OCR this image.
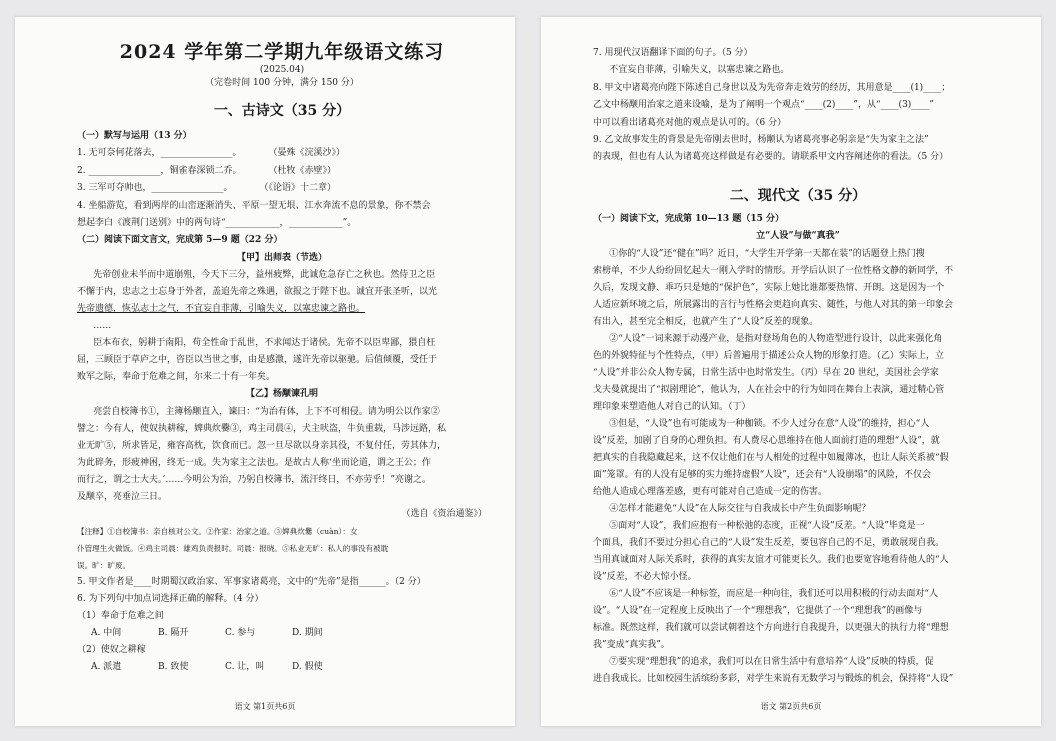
2024 学年第二学期九年级语文练习
(2025.04)
（完卷时间 100 分钟，满分 150 分）
一、古诗文（35 分）
（一）默写与运用（13 分）
1. 无可奈何花落去，________________。　　　　（晏殊《浣溪沙》）
2. ________________，铜雀春深锁二乔。　　　　（杜牧《赤壁》）
3. 三军可夺帅也，________________。　　　　（《论语》十二章）
4. 坐船游览，看到两岸的山峦逐渐消失、平原一望无垠、江水奔流不息的景象，你不禁会
想起李白《渡荆门送别》中的两句诗“____________，____________”。
（二）阅读下面文言文，完成第 5—9 题（22 分）
【甲】出师表（节选）
先帝创业未半而中道崩殂，今天下三分，益州疲弊，此诚危急存亡之秋也。然侍卫之臣
不懈于内，忠志之士忘身于外者，盖追先帝之殊遇，欲报之于陛下也。诚宜开张圣听，以光
先帝遗德，恢弘志士之气，不宜妄自菲薄，引喻失义，以塞忠谏之路也。
……
臣本布衣，躬耕于南阳，苟全性命于乱世，不求闻达于诸侯。先帝不以臣卑鄙，猥自枉
屈，三顾臣于草庐之中，咨臣以当世之事，由是感激，遂许先帝以驱驰。后值倾覆，受任于
败军之际，奉命于危难之间，尔来二十有一年矣。
【乙】杨颙谏孔明
亮尝自校簿书①，主簿杨颙直入，谏曰：“为治有体，上下不可相侵。请为明公以作家②
譬之：今有人，使奴执耕稼，婢典炊爨③，鸡主司晨④，犬主吠盗，牛负重载，马涉远路，私
业无旷⑤，所求皆足，雍容高枕，饮食而已。忽一旦尽欲以身亲其役，不复付任，劳其体力，
为此碎务，形疲神困，终无一成。失为家主之法也。是故古人称‘坐而论道，谓之王公；作
而行之，谓之士大夫。’……今明公为治，乃躬自校簿书，流汗终日，不亦劳乎！”亮谢之。
及颙卒，亮垂泣三日。
（选自《资治通鉴》）
【注释】①自校簿书：亲自核对公文。②作家：治家之道。③婢典炊爨（cuàn）：女
仆管理生火做饭。④鸡主司晨：雄鸡负责报时。司晨：报晓。⑤私业无旷：私人的事没有被耽
误。旷：旷废。
5. 甲文作者是____时期蜀汉政治家、军事家诸葛亮，文中的“先帝”是指______。（2 分）
6. 为下列句中加点词选择正确的解释。（4 分）
（1）奉命于危难之间
A. 中间	B. 隔开	C. 参与	D. 期间
（2）使奴之耕稼
A. 派遣	B. 致使	C. 让，叫	D. 假使
语文 第1页共6页
7. 用现代汉语翻译下面的句子。（5 分）
不宜妄自菲薄，引喻失义，以塞忠谏之路也。
8. 甲文中诸葛亮向陛下陈述自己身世以及为先帝奔走效劳的经历，其用意是____(1)____；
乙文中杨颙用治家之道来设喻，是为了阐明一个观点“____(2)____”，从“____(3)____”
中可以看出诸葛亮对他的观点是认可的。（6 分）
9. 乙文故事发生的背景是先帝刚去世时，杨颙认为诸葛亮事必躬亲是“失为家主之法”
的表现，但也有人认为诸葛亮这样做是有必要的。请联系甲文内容阐述你的看法。（5 分）
二、现代文（35 分）
（一）阅读下文，完成第 10—13 题（15 分）
立“人设”与做“真我”
①你的“人设”还“健在”吗？近日，“大学生开学第一天都在装”的话题登上热门搜
索榜单，不少人纷纷回忆起大一刚入学时的情形。开学后认识了一位性格文静的新同学，不
久后，发现文静、乖巧只是她的“保护色”，实际上她比谁都要热情、开朗。这是因为一个
人适应新环境之后，所展露出的言行与性格会更趋向真实、随性，与他人对其的第一印象会
有出入，甚至完全相反，也就产生了“人设”反差的现象。
②“人设”一词来源于动漫产业，是指对登场角色的人物造型进行设计，以此来强化角
色的外貌特征与个性特点，（甲）后普遍用于描述公众人物的形象打造。（乙）实际上，立
“人设”并非公众人物专属，日常生活中也时常发生。（丙）早在 20 世纪，美国社会学家
戈夫曼就提出了“拟剧理论”，他认为，人在社会中的行为如同在舞台上表演，通过精心管
理印象来塑造他人对自己的认知。（丁）
③但是，“人设”也有可能成为一种枷锁。不少人过分在意“人设”的维持，担心“人
设”反差，加剧了自身的心理负担。有人费尽心思维持在他人面前打造的理想“人设”，就
把真实的自我隐藏起来，这不仅让他们在与人相处的过程中如履薄冰，也让人际关系被“假
面”笼罩。有的人没有足够的实力维持虚假“人设”，还会有“人设崩塌”的风险，不仅会
给他人造成心理落差感，更有可能对自己造成一定的伤害。
④怎样才能避免“人设”在人际交往与自我成长中产生负面影响呢？
⑤面对“人设”，我们应抱有一种松弛的态度，正视“人设”反差。“人设”毕竟是一
个面具，我们不要过分担心自己的“人设”发生反差，要包容自己的不足，勇敢展现自我。
当用真诚面对人际关系时，获得的真实友谊才可能更长久。我们也要宽容地看待他人的“人
设”反差，不必大惊小怪。
⑥“人设”不应该是一种标签，而应是一种向往，我们还可以用积极的行动去面对“人
设”。“人设”在一定程度上反映出了一个“理想我”，它提供了一个“理想我”的画像与
标准。既然这样，我们就可以尝试朝着这个方向进行自我提升，以更强大的执行力将“理想
我”变成“真实我”。
⑦要实现“理想我”的追求，我们可以在日常生活中有意培养“人设”反映的特质，促
进自我成长。比如校园生活缤纷多彩，对学生来说有无数学习与锻炼的机会，保持将“人设”
语文 第2页共6页
